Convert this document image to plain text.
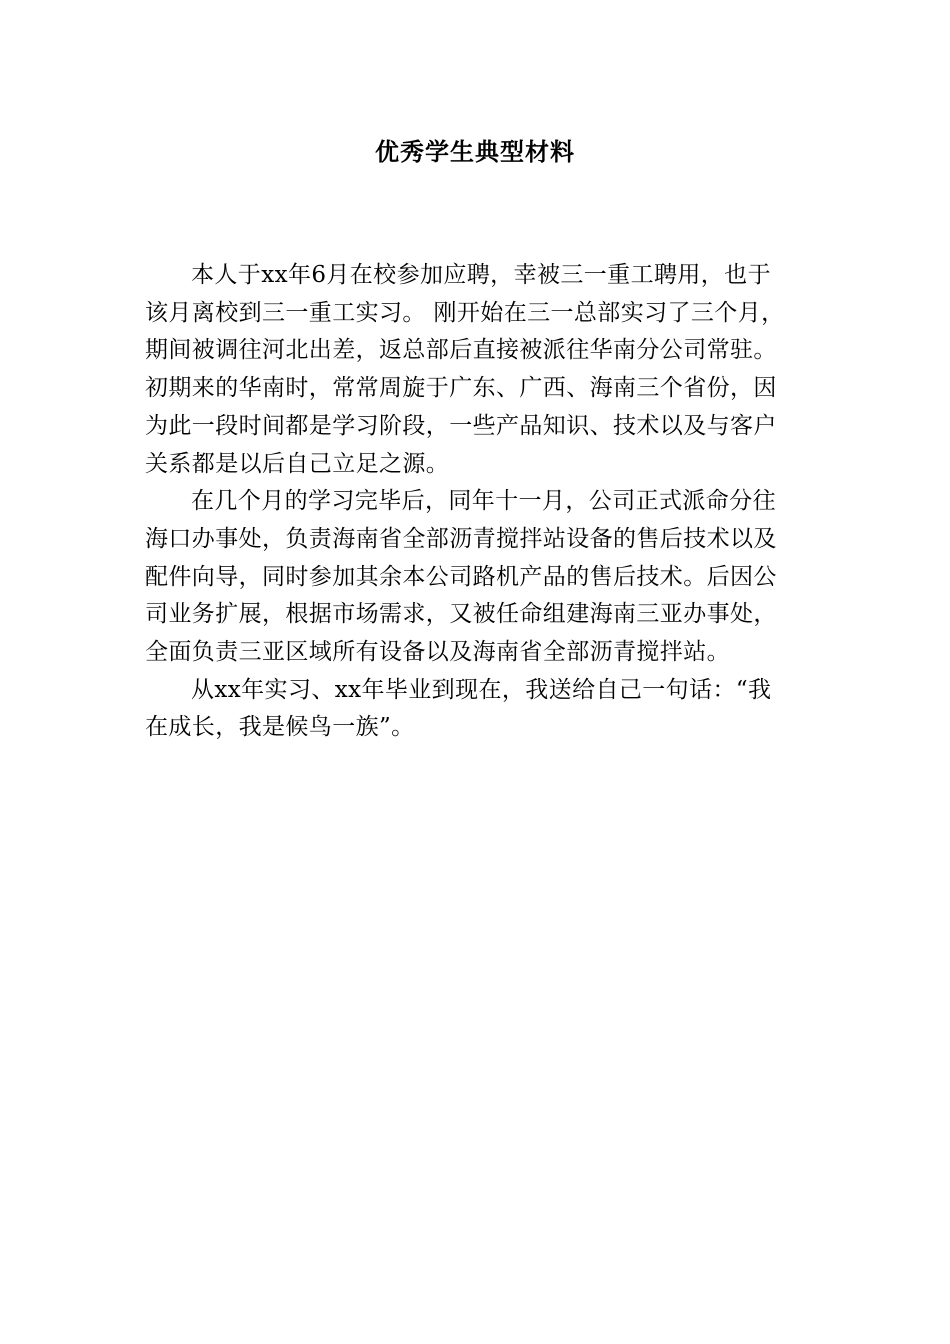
优秀学生典型材料

本人于xx年6月在校参加应聘，幸被三一重工聘用，也于
该月离校到三一重工实习。 刚开始在三一总部实习了三个月，
期间被调往河北出差，返总部后直接被派往华南分公司常驻。
初期来的华南时，常常周旋于广东、广西、海南三个省份，因
为此一段时间都是学习阶段，一些产品知识、技术以及与客户
关系都是以后自己立足之源。

在几个月的学习完毕后，同年十一月，公司正式派命分往
海口办事处，负责海南省全部沥青搅拌站设备的售后技术以及
配件向导，同时参加其余本公司路机产品的售后技术。后因公
司业务扩展，根据市场需求，又被任命组建海南三亚办事处，
全面负责三亚区域所有设备以及海南省全部沥青搅拌站。

从xx年实习、xx年毕业到现在，我送给自己一句话：“我
在成长，我是候鸟一族”。
